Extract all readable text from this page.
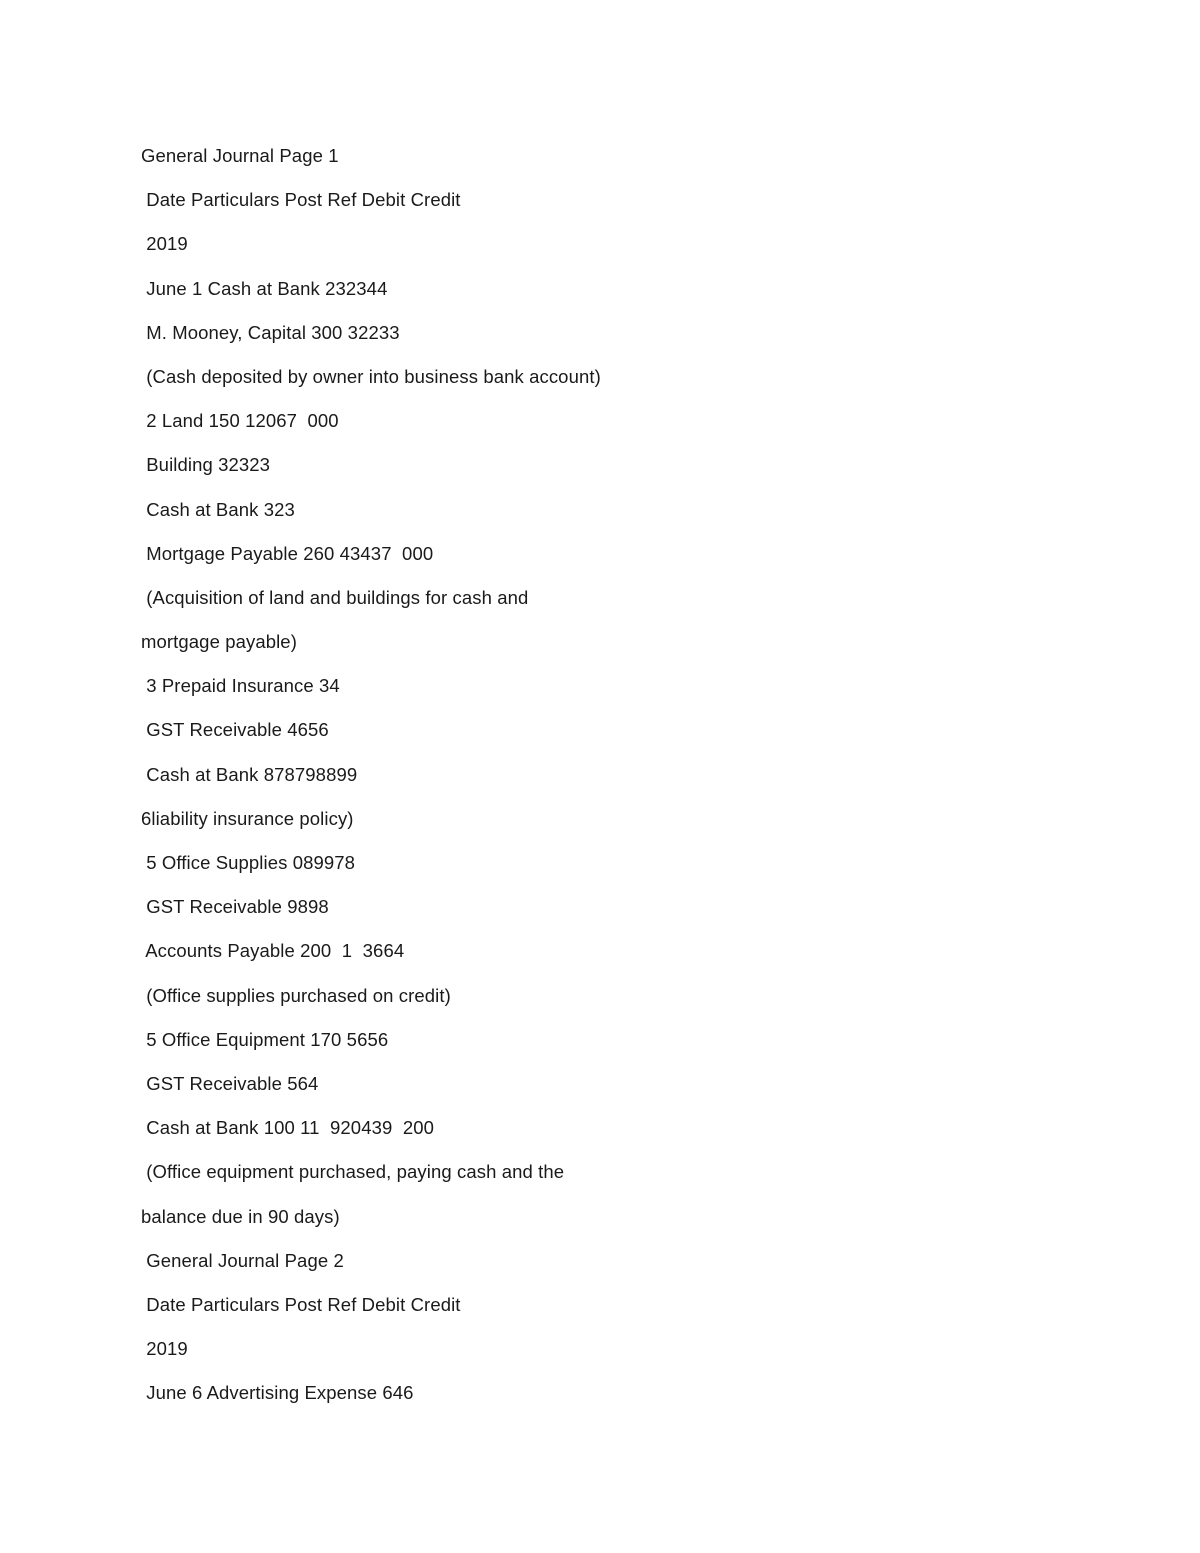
General Journal Page 1
Date Particulars Post Ref Debit Credit
2019
June 1 Cash at Bank 232344
M. Mooney, Capital 300 32233
(Cash deposited by owner into business bank account)
2 Land 150 12067  000
Building 32323
Cash at Bank 323
Mortgage Payable 260 43437  000
(Acquisition of land and buildings for cash and
mortgage payable)
3 Prepaid Insurance 34
GST Receivable 4656
Cash at Bank 878798899
6liability insurance policy)
5 Office Supplies 089978
GST Receivable 9898
Accounts Payable 200  1  3664
(Office supplies purchased on credit)
5 Office Equipment 170 5656
GST Receivable 564
Cash at Bank 100 11  920439  200
(Office equipment purchased, paying cash and the
balance due in 90 days)
General Journal Page 2
Date Particulars Post Ref Debit Credit
2019
June 6 Advertising Expense 646
